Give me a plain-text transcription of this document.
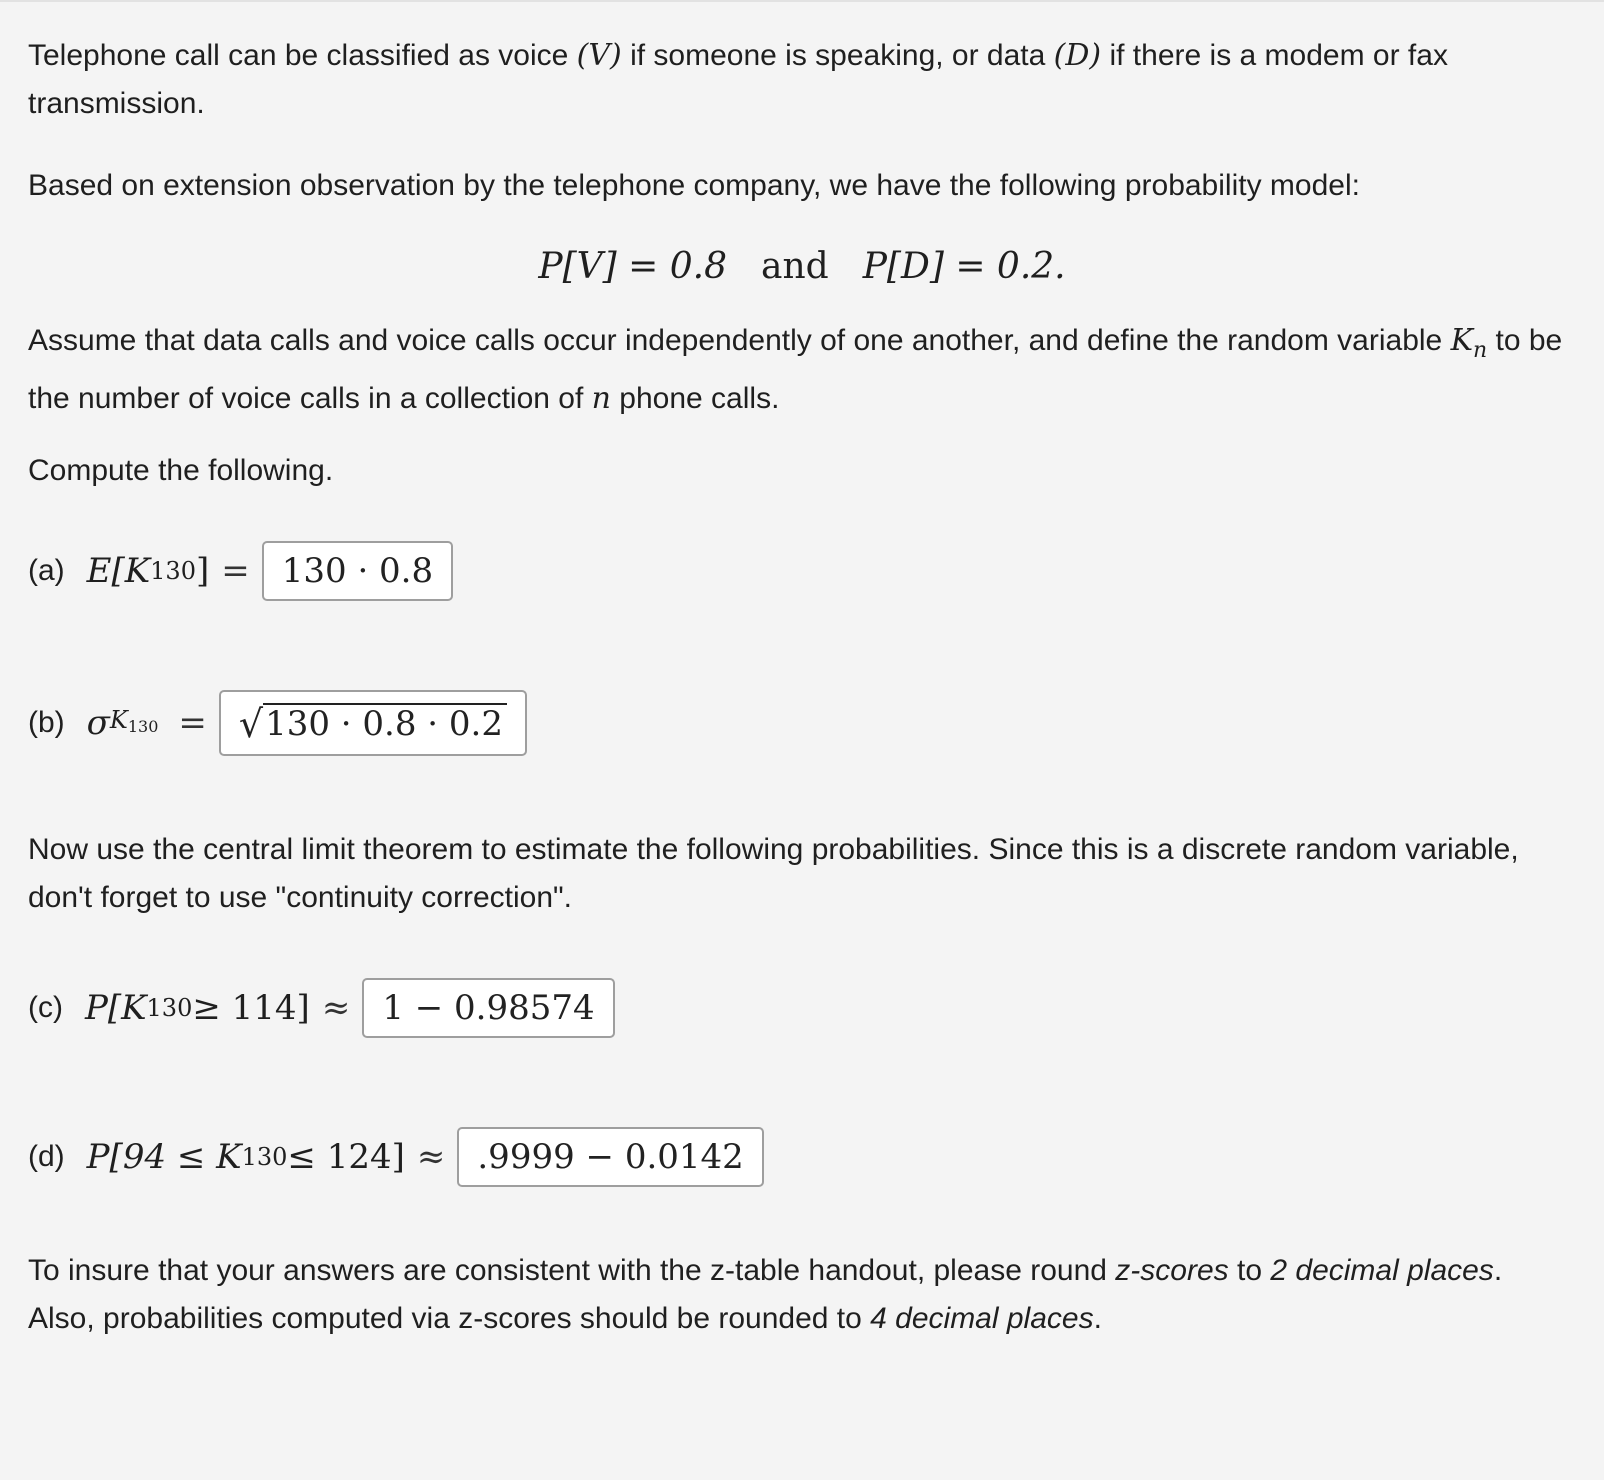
Telephone call can be classified as voice (V) if someone is speaking, or data (D) if there is a modem or fax transmission.

Based on extension observation by the telephone company, we have the following probability model:

P[V] = 0.8 and P[D] = 0.2.

Assume that data calls and voice calls occur independently of one another, and define the random variable $K_n$ to be the number of voice calls in a collection of n phone calls.

Compute the following.

(a) E[K 130 ] = 130 · 0.8
(b) σ K130 = √ 130 · 0.8 · 0.2

Now use the central limit theorem to estimate the following probabilities. Since this is a discrete random variable, don't forget to use "continuity correction".

(c) P[K 130 ≥ 114] ≈ 1 − 0.98574
(d) P[94 ≤ K 130 ≤ 124] ≈ .9999 − 0.0142

To insure that your answers are consistent with the z-table handout, please round z-scores to 2 decimal places.
Also, probabilities computed via z-scores should be rounded to 4 decimal places.
